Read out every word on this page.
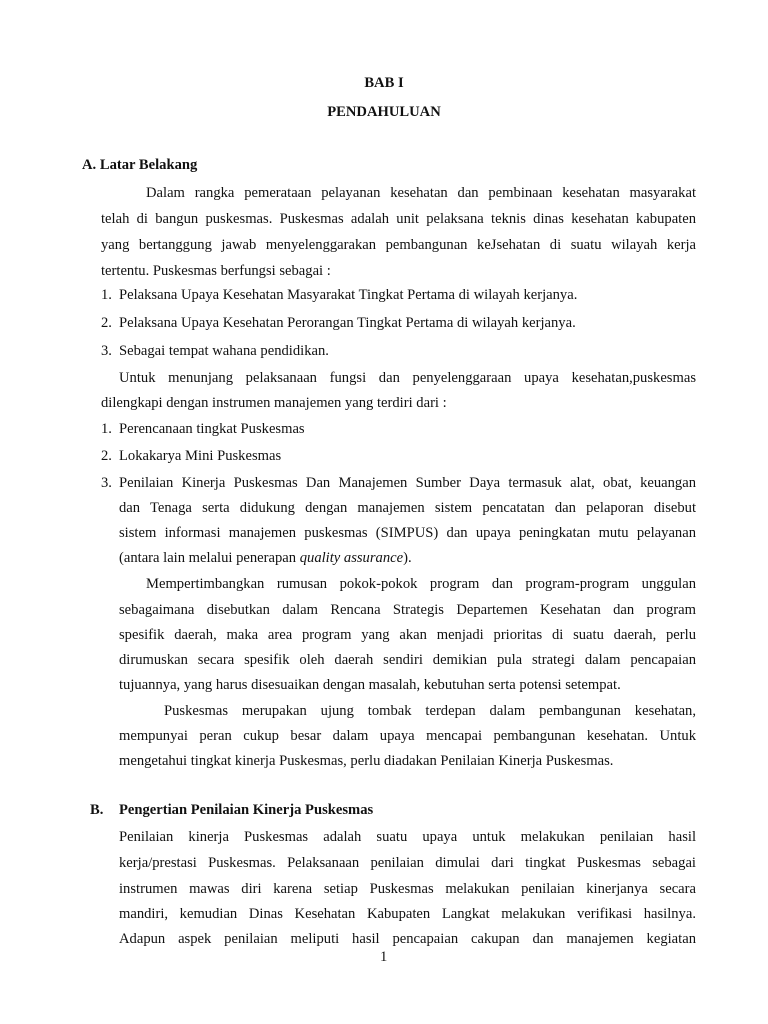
BAB I
PENDAHULUAN
A. Latar Belakang
Dalam rangka pemerataan pelayanan kesehatan dan pembinaan kesehatan masyarakat
telah di bangun puskesmas. Puskesmas adalah unit pelaksana teknis dinas kesehatan kabupaten
yang bertanggung jawab menyelenggarakan pembangunan keJsehatan di suatu wilayah kerja
tertentu. Puskesmas berfungsi sebagai :
1. Pelaksana Upaya Kesehatan Masyarakat Tingkat Pertama di wilayah kerjanya.
2. Pelaksana Upaya Kesehatan Perorangan Tingkat Pertama di wilayah kerjanya.
3. Sebagai tempat wahana pendidikan.
Untuk menunjang pelaksanaan fungsi dan penyelenggaraan upaya kesehatan,puskesmas
dilengkapi dengan instrumen manajemen yang terdiri dari :
1. Perencanaan tingkat Puskesmas
2. Lokakarya Mini Puskesmas
3. Penilaian Kinerja Puskesmas Dan Manajemen Sumber Daya termasuk alat, obat, keuangan
dan Tenaga serta didukung dengan manajemen sistem pencatatan dan pelaporan disebut
sistem informasi manajemen puskesmas (SIMPUS) dan upaya peningkatan mutu pelayanan
(antara lain melalui penerapan quality assurance).
Mempertimbangkan rumusan pokok-pokok program dan program-program unggulan
sebagaimana disebutkan dalam Rencana Strategis Departemen Kesehatan dan program
spesifik daerah, maka area program yang akan menjadi prioritas di suatu daerah, perlu
dirumuskan secara spesifik oleh daerah sendiri demikian pula strategi dalam pencapaian
tujuannya, yang harus disesuaikan dengan masalah, kebutuhan serta potensi setempat.
Puskesmas merupakan ujung tombak terdepan dalam pembangunan kesehatan,
mempunyai peran cukup besar dalam upaya mencapai pembangunan kesehatan. Untuk
mengetahui tingkat kinerja Puskesmas, perlu diadakan Penilaian Kinerja Puskesmas.
B. Pengertian Penilaian Kinerja Puskesmas
Penilaian kinerja Puskesmas adalah suatu upaya untuk melakukan penilaian hasil
kerja/prestasi Puskesmas. Pelaksanaan penilaian dimulai dari tingkat Puskesmas sebagai
instrumen mawas diri karena setiap Puskesmas melakukan penilaian kinerjanya secara
mandiri, kemudian Dinas Kesehatan Kabupaten Langkat melakukan verifikasi hasilnya.
Adapun aspek penilaian meliputi hasil pencapaian cakupan dan manajemen kegiatan
1
